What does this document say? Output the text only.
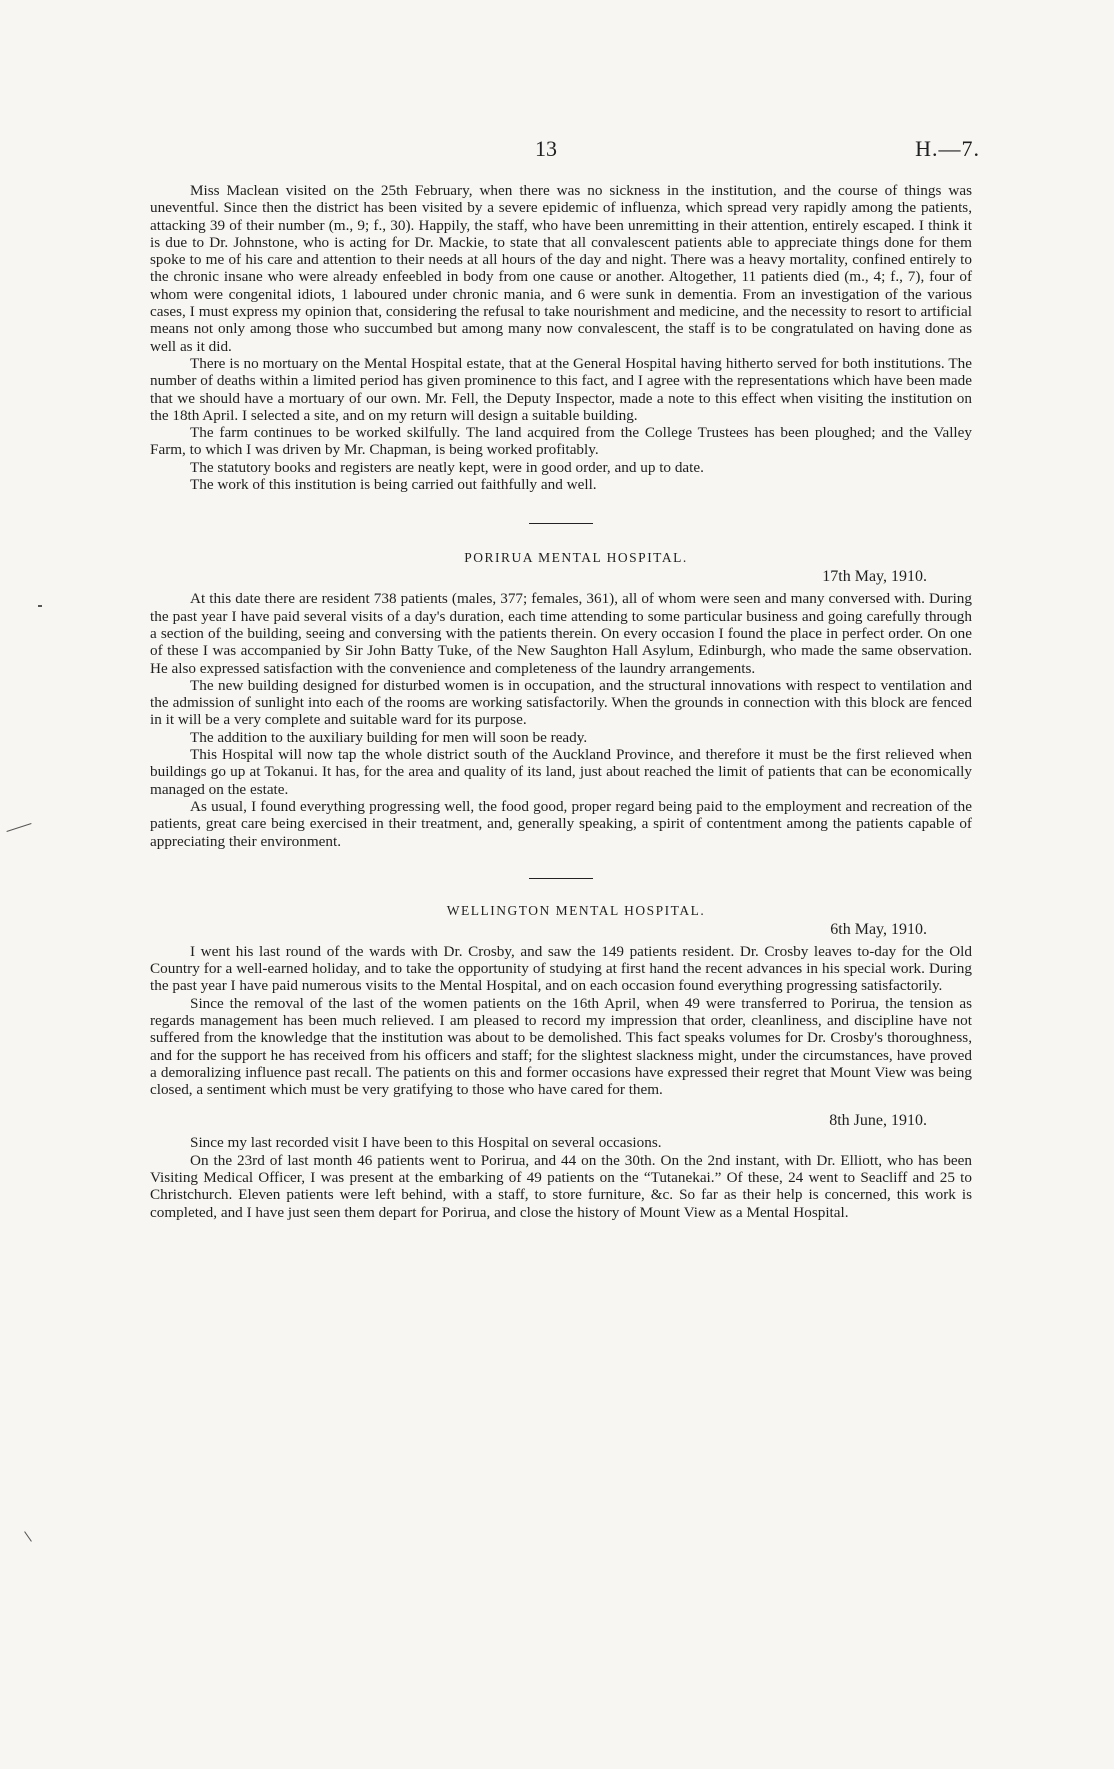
13	H.—7.

Miss Maclean visited on the 25th February, when there was no sickness in the institution, and the course of things was uneventful. Since then the district has been visited by a severe epidemic of influenza, which spread very rapidly among the patients, attacking 39 of their number (m., 9; f., 30). Happily, the staff, who have been unremitting in their attention, entirely escaped. I think it is due to Dr. Johnstone, who is acting for Dr. Mackie, to state that all convalescent patients able to appreciate things done for them spoke to me of his care and attention to their needs at all hours of the day and night. There was a heavy mortality, confined entirely to the chronic insane who were already enfeebled in body from one cause or another. Altogether, 11 patients died (m., 4; f., 7), four of whom were congenital idiots, 1 laboured under chronic mania, and 6 were sunk in dementia. From an investigation of the various cases, I must express my opinion that, considering the refusal to take nourishment and medicine, and the necessity to resort to artificial means not only among those who succumbed but among many now convalescent, the staff is to be congratulated on having done as well as it did.

There is no mortuary on the Mental Hospital estate, that at the General Hospital having hitherto served for both institutions. The number of deaths within a limited period has given prominence to this fact, and I agree with the representations which have been made that we should have a mortuary of our own. Mr. Fell, the Deputy Inspector, made a note to this effect when visiting the institution on the 18th April. I selected a site, and on my return will design a suitable building.

The farm continues to be worked skilfully. The land acquired from the College Trustees has been ploughed; and the Valley Farm, to which I was driven by Mr. Chapman, is being worked profitably.

The statutory books and registers are neatly kept, were in good order, and up to date.

The work of this institution is being carried out faithfully and well.

PORIRUA MENTAL HOSPITAL.
17th May, 1910.

At this date there are resident 738 patients (males, 377; females, 361), all of whom were seen and many conversed with. During the past year I have paid several visits of a day's duration, each time attending to some particular business and going carefully through a section of the building, seeing and conversing with the patients therein. On every occasion I found the place in perfect order. On one of these I was accompanied by Sir John Batty Tuke, of the New Saughton Hall Asylum, Edinburgh, who made the same observation. He also expressed satisfaction with the convenience and completeness of the laundry arrangements.

The new building designed for disturbed women is in occupation, and the structural innovations with respect to ventilation and the admission of sunlight into each of the rooms are working satisfactorily. When the grounds in connection with this block are fenced in it will be a very complete and suitable ward for its purpose.

The addition to the auxiliary building for men will soon be ready.

This Hospital will now tap the whole district south of the Auckland Province, and therefore it must be the first relieved when buildings go up at Tokanui. It has, for the area and quality of its land, just about reached the limit of patients that can be economically managed on the estate.

As usual, I found everything progressing well, the food good, proper regard being paid to the employment and recreation of the patients, great care being exercised in their treatment, and, generally speaking, a spirit of contentment among the patients capable of appreciating their environment.

WELLINGTON MENTAL HOSPITAL.
6th May, 1910.

I went his last round of the wards with Dr. Crosby, and saw the 149 patients resident. Dr. Crosby leaves to-day for the Old Country for a well-earned holiday, and to take the opportunity of studying at first hand the recent advances in his special work. During the past year I have paid numerous visits to the Mental Hospital, and on each occasion found everything progressing satisfactorily.

Since the removal of the last of the women patients on the 16th April, when 49 were transferred to Porirua, the tension as regards management has been much relieved. I am pleased to record my impression that order, cleanliness, and discipline have not suffered from the knowledge that the institution was about to be demolished. This fact speaks volumes for Dr. Crosby's thoroughness, and for the support he has received from his officers and staff; for the slightest slackness might, under the circumstances, have proved a demoralizing influence past recall. The patients on this and former occasions have expressed their regret that Mount View was being closed, a sentiment which must be very gratifying to those who have cared for them.

8th June, 1910.

Since my last recorded visit I have been to this Hospital on several occasions.

On the 23rd of last month 46 patients went to Porirua, and 44 on the 30th. On the 2nd instant, with Dr. Elliott, who has been Visiting Medical Officer, I was present at the embarking of 49 patients on the “Tutanekai.” Of these, 24 went to Seacliff and 25 to Christchurch. Eleven patients were left behind, with a staff, to store furniture, &c. So far as their help is concerned, this work is completed, and I have just seen them depart for Porirua, and close the history of Mount View as a Mental Hospital.
